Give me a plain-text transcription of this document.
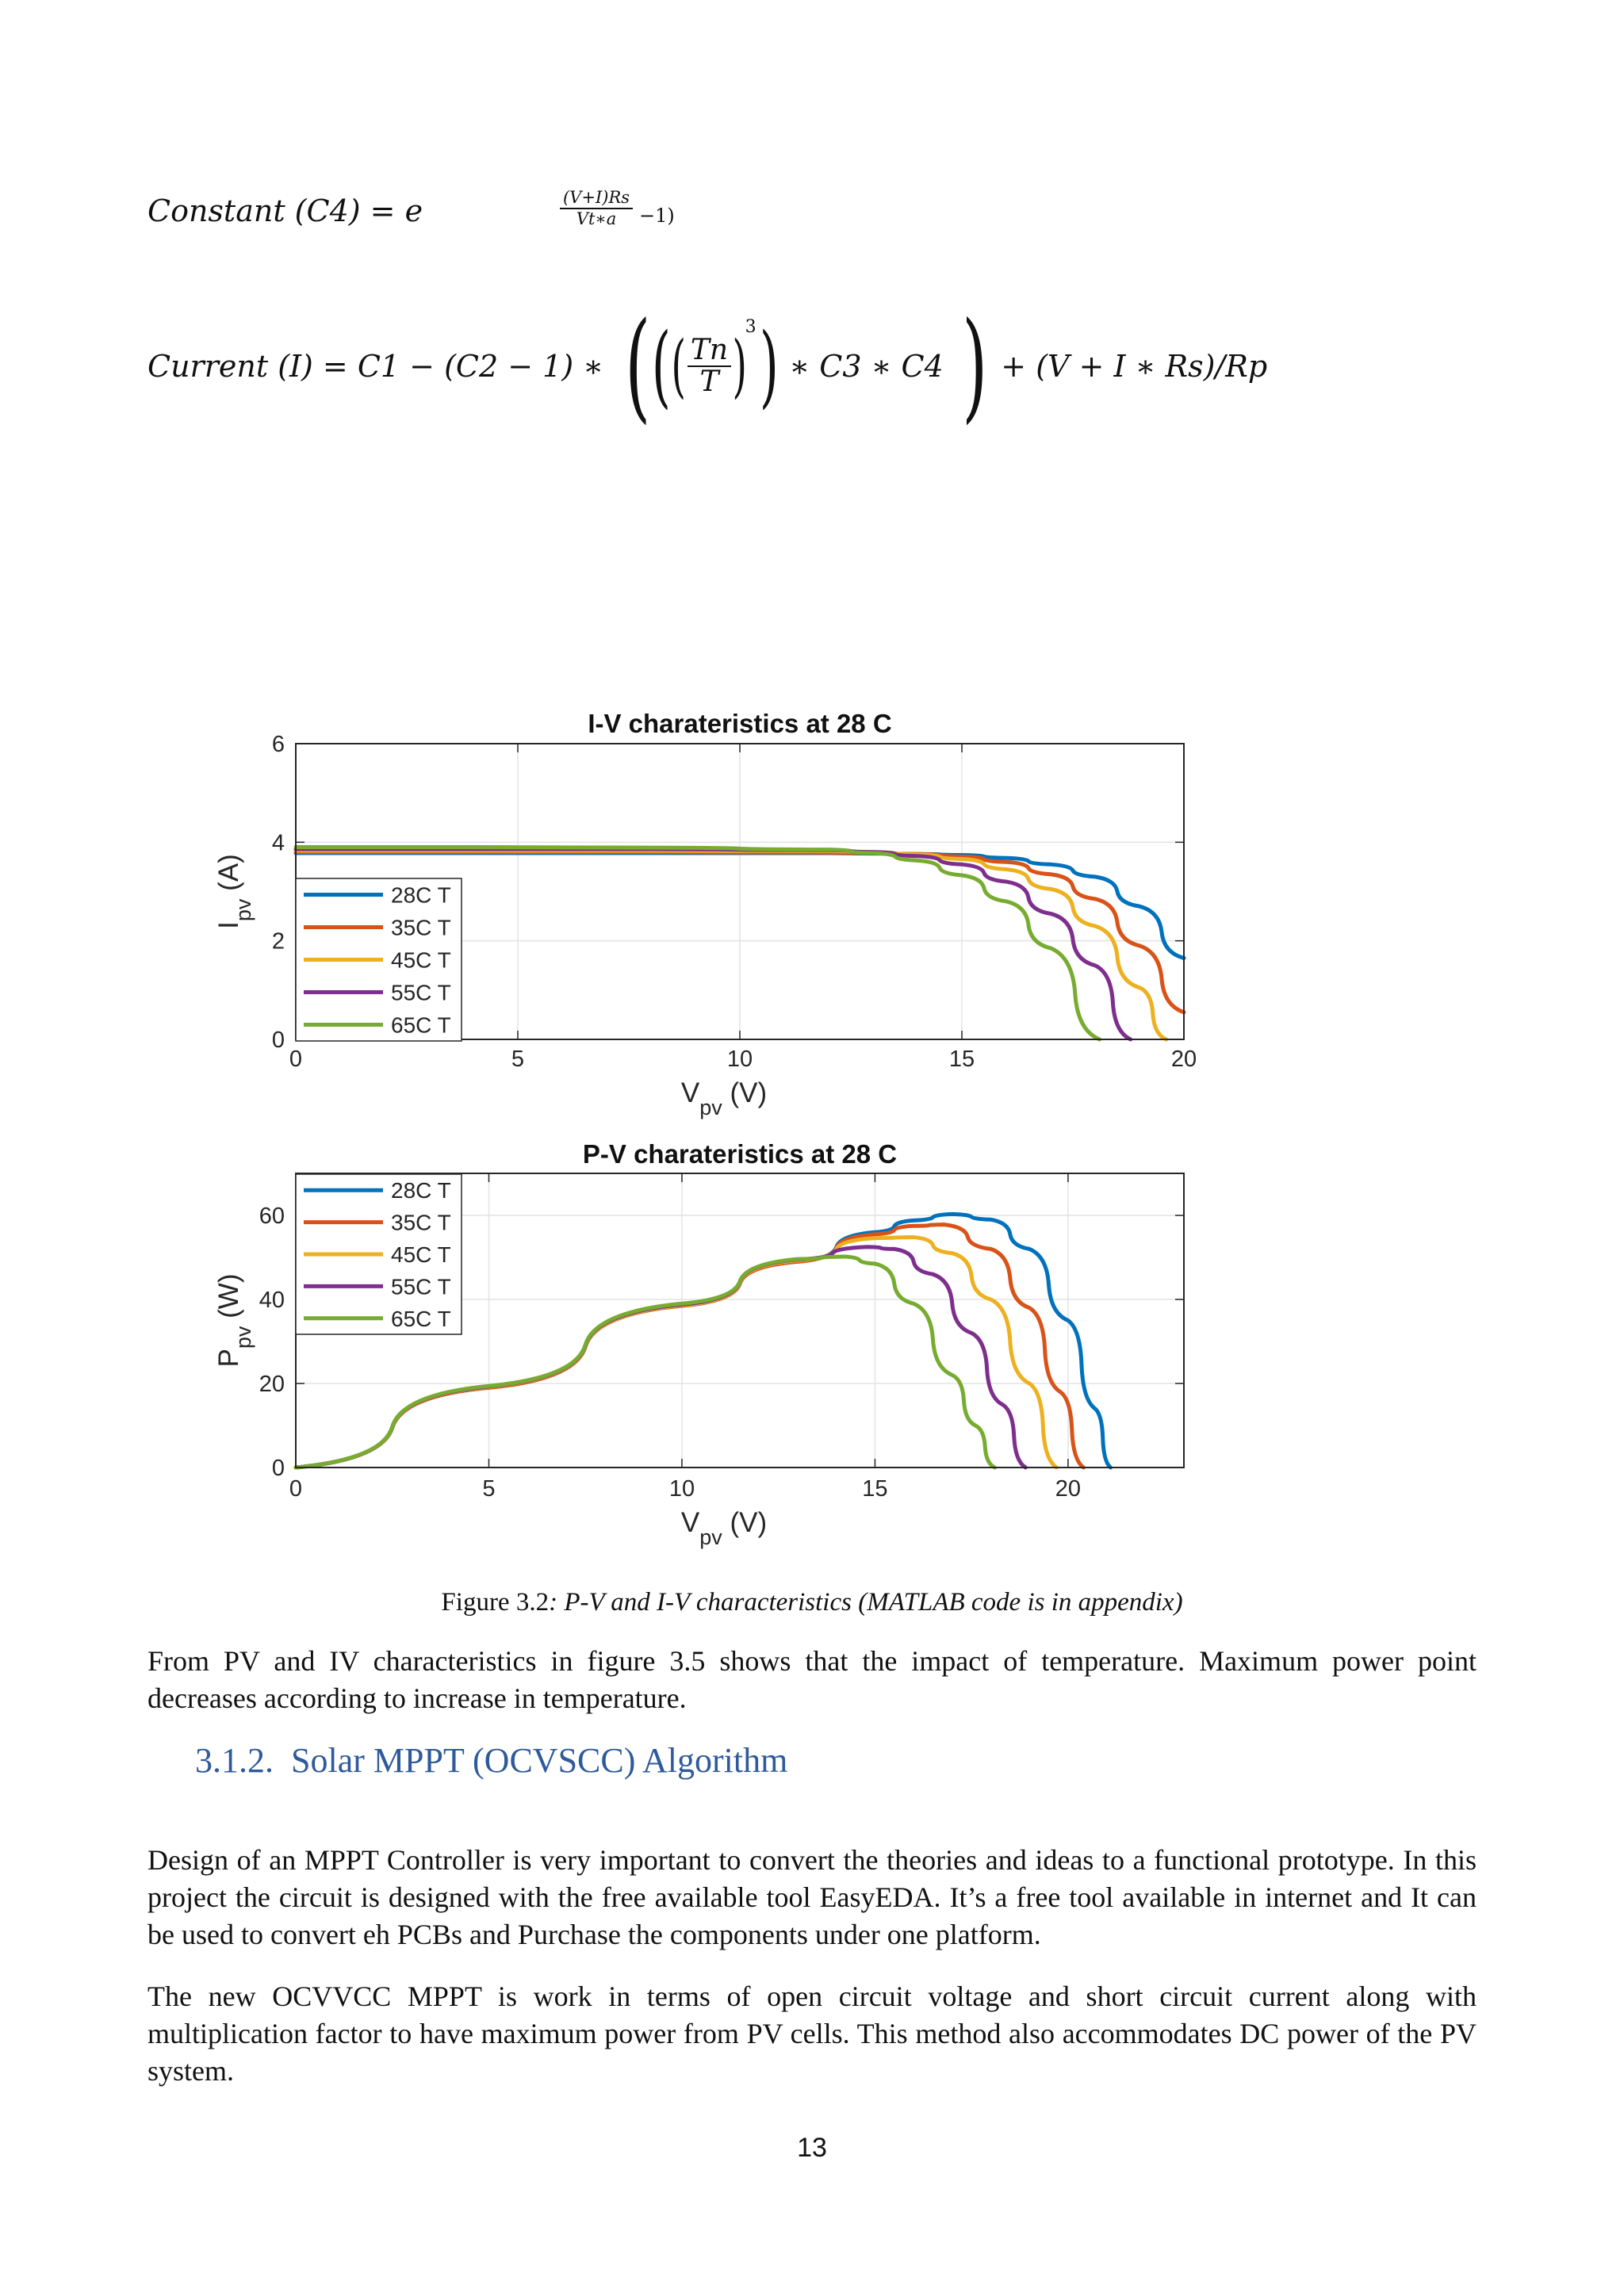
Constant (C4) = e	$\frac{(V+I)Rs}{Vt∗a} -1$)
Current (I) = C1 − (C2 − 1) ∗ ( ( ( $\frac{Tn}{T}$ )
3 ) ∗ C3 ∗ C4 ) + (V + I ∗ Rs)/Rp
0	5	10	15	20
0
2
4
6
I-V charateristics at 28 C
$V_{pv}$ (V)
$I_{pv}$ (A)	28C T
35C T
45C T
55C T
65C T
0	5	10	15	20
0
20
40
60
P-V charateristics at 28 C
$V_{pv}$ (V)
$P_{pv}$ (W)
28C T
35C T
45C T
55C T
65C T
Figure 3.2: P-V and I-V characteristics (MATLAB code is in appendix)
From PV and IV characteristics in figure 3.5 shows that the impact of temperature. Maximum power point decreases according to increase in temperature.
3.1.2. Solar MPPT (OCVSCC) Algorithm
Design of an MPPT Controller is very important to convert the theories and ideas to a functional prototype. In this project the circuit is designed with the free available tool EasyEDA. It’s a free tool available in internet and It can be used to convert eh PCBs and Purchase the components under one platform.
The new OCVVCC MPPT is work in terms of open circuit voltage and short circuit current along with multiplication factor to have maximum power from PV cells. This method also accommodates DC power of the PV system.
13
